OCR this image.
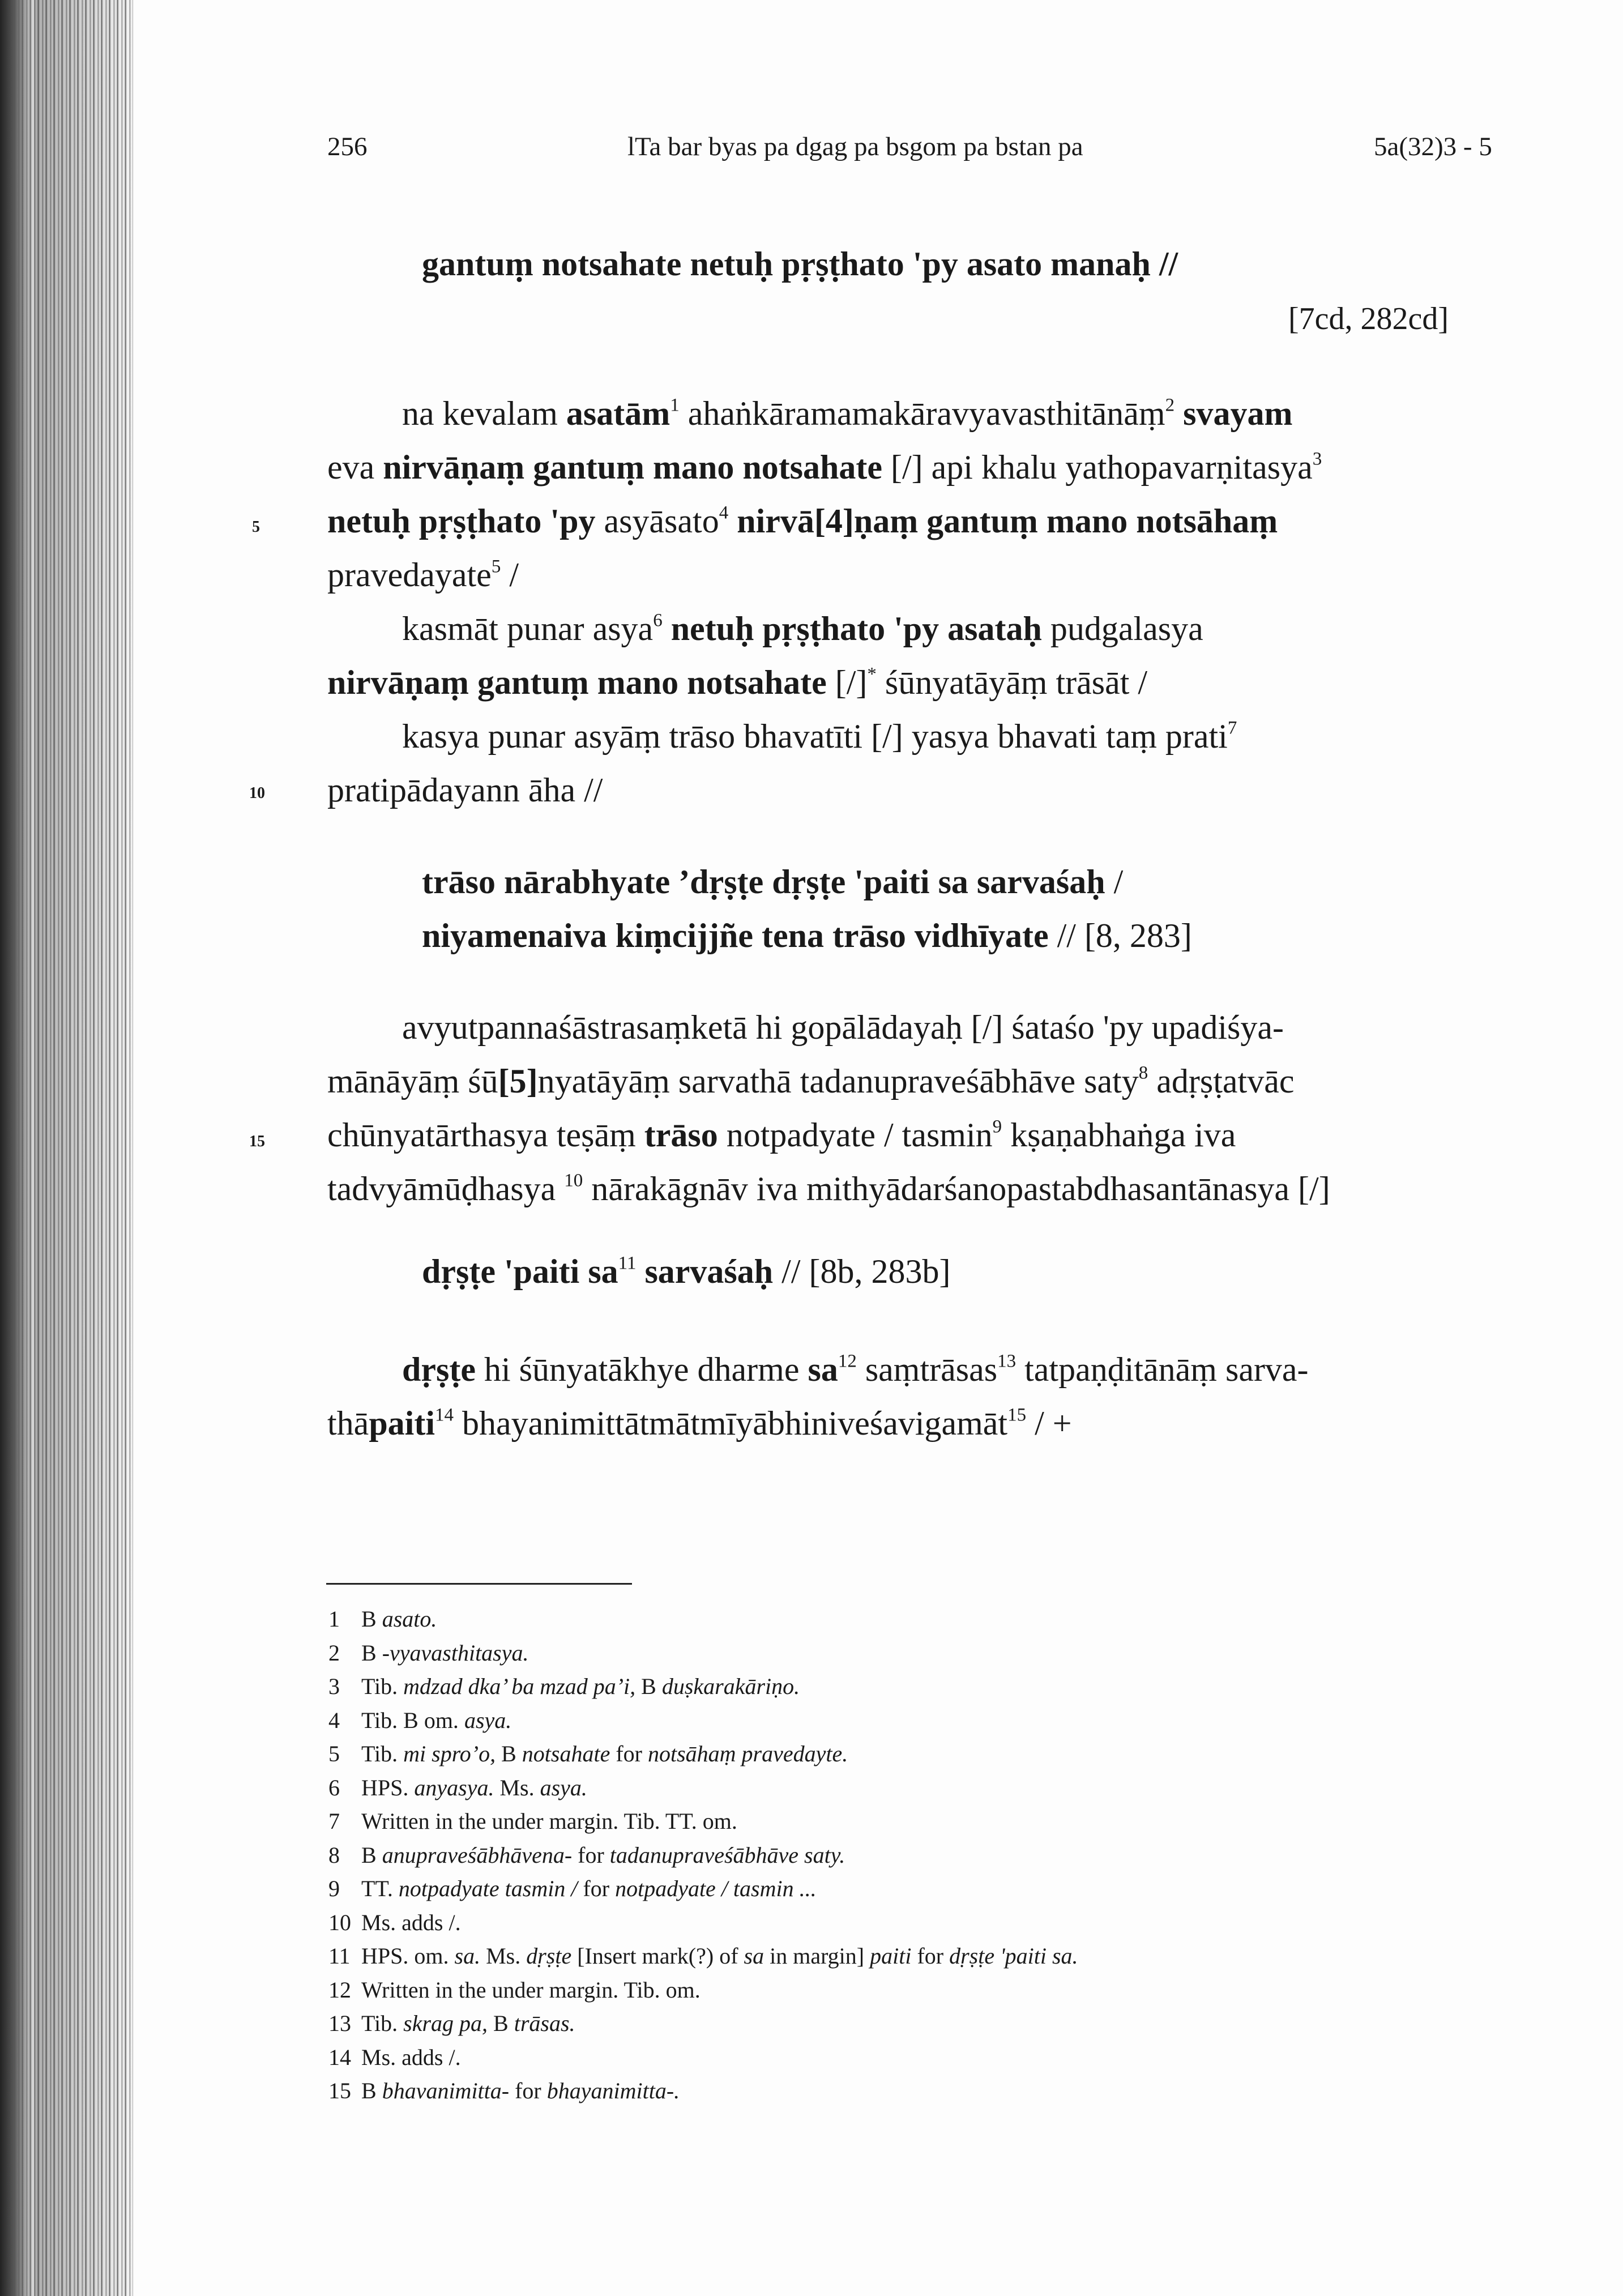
256	lTa bar byas pa dgag pa bsgom pa bstan pa	5a(32)3 - 5
gantuṃ notsahate netuḥ pṛṣṭhato 'py asato manaḥ //
[7cd, 282cd]
na kevalam asatām$^1$ ahaṅkāramamakāravyavasthitānāṃ$^2$ svayam
eva nirvāṇaṃ gantuṃ mano notsahate [/] api khalu yathopavarṇitasya$^3$
5 netuḥ pṛṣṭhato 'py asyāsato$^4$ nirvā[4]ṇaṃ gantuṃ mano notsāhaṃ
pravedayate$^5$ /
kasmāt punar asya$^6$ netuḥ pṛṣṭhato 'py asataḥ pudgalasya
nirvāṇaṃ gantuṃ mano notsahate [/]* śūnyatāyāṃ trāsāt /
kasya punar asyāṃ trāso bhavatīti [/] yasya bhavati taṃ prati$^7$
10 pratipādayann āha //
trāso nārabhyate ’dṛṣṭe dṛṣṭe 'paiti sa sarvaśaḥ /
niyamenaiva kiṃcijjñe tena trāso vidhīyate // [8, 283]
avyutpannaśāstrasaṃketā hi gopālādayaḥ [/] śataśo 'py upadiśya-
mānāyāṃ śū[5]nyatāyāṃ sarvathā tadanupraveśābhāve saty$^8$ adṛṣṭatvāc
15 chūnyatārthasya teṣāṃ trāso notpadyate / tasmin$^9$ kṣaṇabhaṅga iva
tadvyāmūḍhasya $^{10}$ nārakāgnāv iva mithyādarśanopastabdhasantānasya [/]
dṛṣṭe 'paiti $sa^{11}$ sarvaśaḥ // [8b, 283b]
dṛṣṭe hi śūnyatākhye dharme $sa^{12}$ saṃtrāsas$^{13}$ tatpaṇḍitānāṃ sarva-
thāpaiti$^{14}$ bhayanimittātmātmīyābhiniveśavigamāt$^{15}$ / +
1 B asato.
2 B -vyavasthitasya.
3 Tib. mdzad dka’ ba mzad pa’i, B duṣkarakāriṇo.
4 Tib. B om. asya.
5 Tib. mi spro’o, B notsahate for notsāhaṃ pravedayte.
6 HPS. anyasya. Ms. asya.
7 Written in the under margin. Tib. TT. om.
8 B anupraveśābhāvena- for tadanupraveśābhāve saty.
9 TT. notpadyate tasmin / for notpadyate / tasmin ...
10 Ms. adds /.
11 HPS. om. sa. Ms. dṛṣṭe [Insert mark(?) of sa in margin] paiti for dṛṣṭe 'paiti sa.
12 Written in the under margin. Tib. om.
13 Tib. skrag pa, B trāsas.
14 Ms. adds /.
15 B bhavanimitta- for bhayanimitta-.
